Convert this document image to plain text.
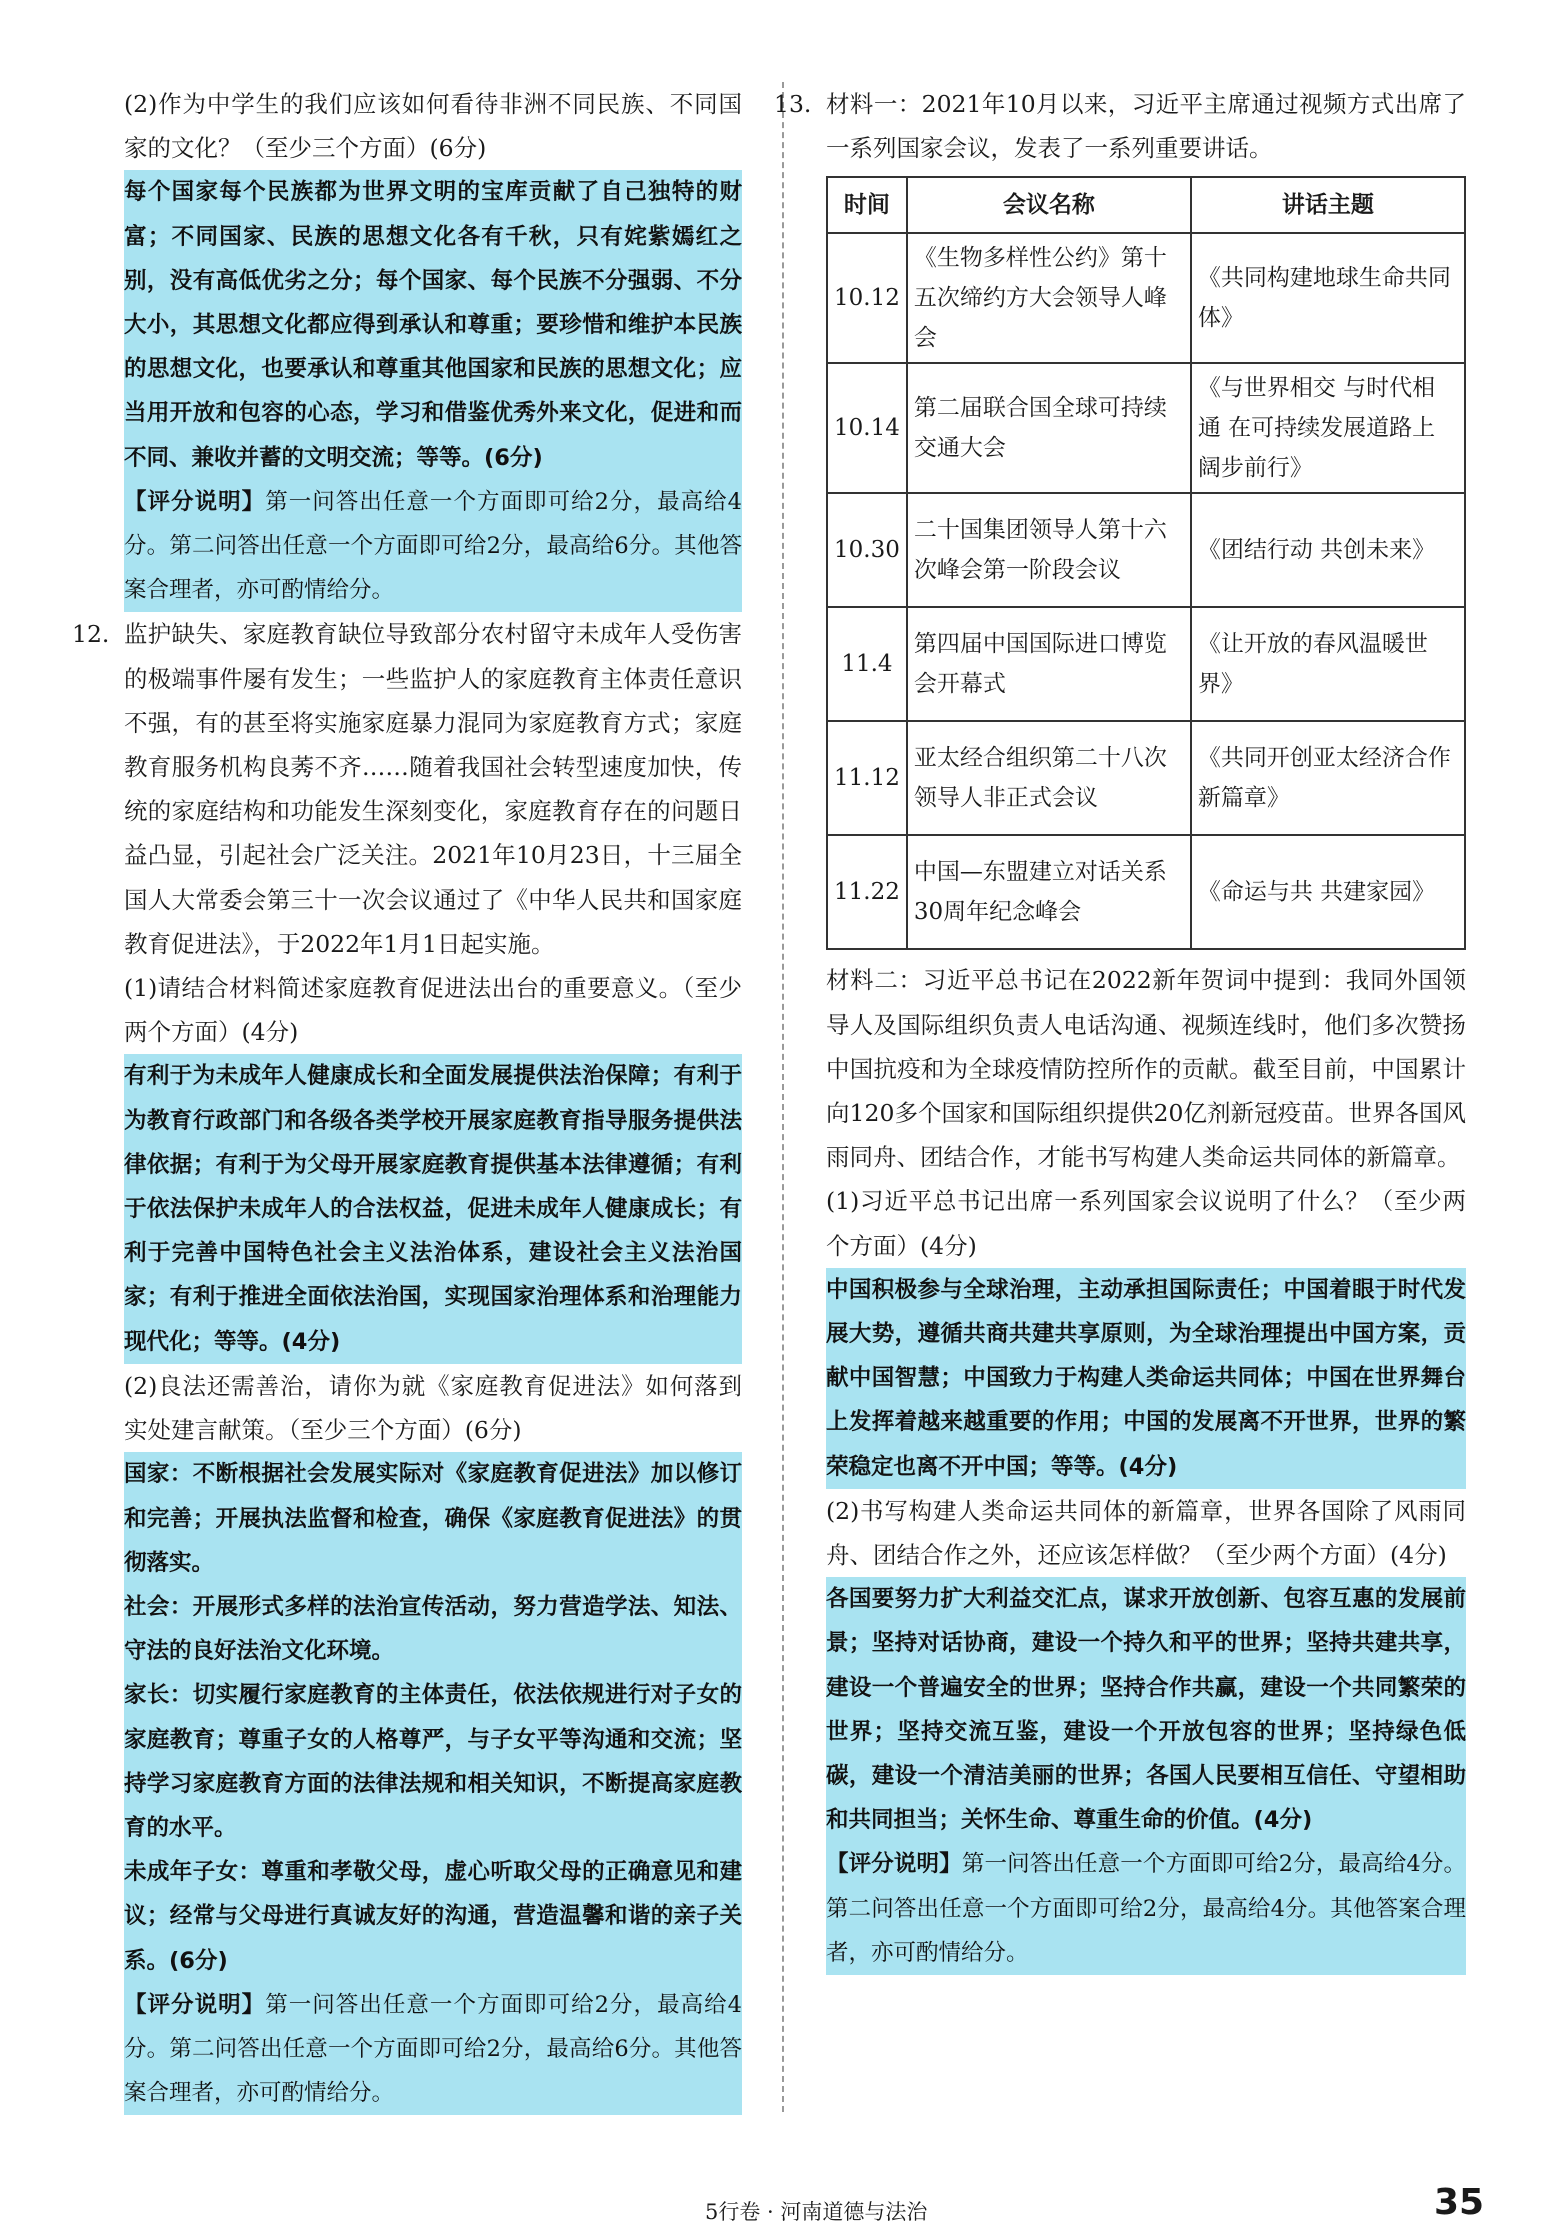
(2)作为中学生的我们应该如何看待非洲不同民族、不同国家的文化？（至少三个方面）(6分)

每个国家每个民族都为世界文明的宝库贡献了自己独特的财富；不同国家、民族的思想文化各有千秋，只有姹紫嫣红之别，没有高低优劣之分；每个国家、每个民族不分强弱、不分大小，其思想文化都应得到承认和尊重；要珍惜和维护本民族的思想文化，也要承认和尊重其他国家和民族的思想文化；应当用开放和包容的心态，学习和借鉴优秀外来文化，促进和而不同、兼收并蓄的文明交流；等等。(6分)

【评分说明】第一问答出任意一个方面即可给2分，最高给4分。第二问答出任意一个方面即可给2分，最高给6分。其他答案合理者，亦可酌情给分。

12. 监护缺失、家庭教育缺位导致部分农村留守未成年人受伤害的极端事件屡有发生；一些监护人的家庭教育主体责任意识不强，有的甚至将实施家庭暴力混同为家庭教育方式；家庭教育服务机构良莠不齐……随着我国社会转型速度加快，传统的家庭结构和功能发生深刻变化，家庭教育存在的问题日益凸显，引起社会广泛关注。2021年10月23日，十三届全国人大常委会第三十一次会议通过了《中华人民共和国家庭教育促进法》，于2022年1月1日起实施。

(1)请结合材料简述家庭教育促进法出台的重要意义。（至少两个方面）(4分)

有利于为未成年人健康成长和全面发展提供法治保障；有利于为教育行政部门和各级各类学校开展家庭教育指导服务提供法律依据；有利于为父母开展家庭教育提供基本法律遵循；有利于依法保护未成年人的合法权益，促进未成年人健康成长；有利于完善中国特色社会主义法治体系，建设社会主义法治国家；有利于推进全面依法治国，实现国家治理体系和治理能力现代化；等等。(4分)

(2)良法还需善治，请你为就《家庭教育促进法》如何落到实处建言献策。（至少三个方面）(6分)

国家：不断根据社会发展实际对《家庭教育促进法》加以修订和完善；开展执法监督和检查，确保《家庭教育促进法》的贯彻落实。

社会：开展形式多样的法治宣传活动，努力营造学法、知法、守法的良好法治文化环境。

家长：切实履行家庭教育的主体责任，依法依规进行对子女的家庭教育；尊重子女的人格尊严，与子女平等沟通和交流；坚持学习家庭教育方面的法律法规和相关知识，不断提高家庭教育的水平。

未成年子女：尊重和孝敬父母，虚心听取父母的正确意见和建议；经常与父母进行真诚友好的沟通，营造温馨和谐的亲子关系。(6分)

【评分说明】第一问答出任意一个方面即可给2分，最高给4分。第二问答出任意一个方面即可给2分，最高给6分。其他答案合理者，亦可酌情给分。

13. 材料一：2021年10月以来，习近平主席通过视频方式出席了一系列国家会议，发表了一系列重要讲话。

时间	会议名称	讲话主题
10.12	《生物多样性公约》第十五次缔约方大会领导人峰会	《共同构建地球生命共同体》
10.14	第二届联合国全球可持续交通大会	《与世界相交 与时代相通 在可持续发展道路上阔步前行》
10.30	二十国集团领导人第十六次峰会第一阶段会议	《团结行动 共创未来》
11.4	第四届中国国际进口博览会开幕式	《让开放的春风温暖世界》
11.12	亚太经合组织第二十八次领导人非正式会议	《共同开创亚太经济合作新篇章》
11.22	中国—东盟建立对话关系30周年纪念峰会	《命运与共 共建家园》

材料二：习近平总书记在2022新年贺词中提到：我同外国领导人及国际组织负责人电话沟通、视频连线时，他们多次赞扬中国抗疫和为全球疫情防控所作的贡献。截至目前，中国累计向120多个国家和国际组织提供20亿剂新冠疫苗。世界各国风雨同舟、团结合作，才能书写构建人类命运共同体的新篇章。

(1)习近平总书记出席一系列国家会议说明了什么？（至少两个方面）(4分)

中国积极参与全球治理，主动承担国际责任；中国着眼于时代发展大势，遵循共商共建共享原则，为全球治理提出中国方案，贡献中国智慧；中国致力于构建人类命运共同体；中国在世界舞台上发挥着越来越重要的作用；中国的发展离不开世界，世界的繁荣稳定也离不开中国；等等。(4分)

(2)书写构建人类命运共同体的新篇章，世界各国除了风雨同舟、团结合作之外，还应该怎样做？（至少两个方面）(4分)

各国要努力扩大利益交汇点，谋求开放创新、包容互惠的发展前景；坚持对话协商，建设一个持久和平的世界；坚持共建共享，建设一个普遍安全的世界；坚持合作共赢，建设一个共同繁荣的世界；坚持交流互鉴，建设一个开放包容的世界；坚持绿色低碳，建设一个清洁美丽的世界；各国人民要相互信任、守望相助和共同担当；关怀生命、尊重生命的价值。(4分)

【评分说明】第一问答出任意一个方面即可给2分，最高给4分。第二问答出任意一个方面即可给2分，最高给4分。其他答案合理者，亦可酌情给分。

5行卷 · 河南道德与法治	35
